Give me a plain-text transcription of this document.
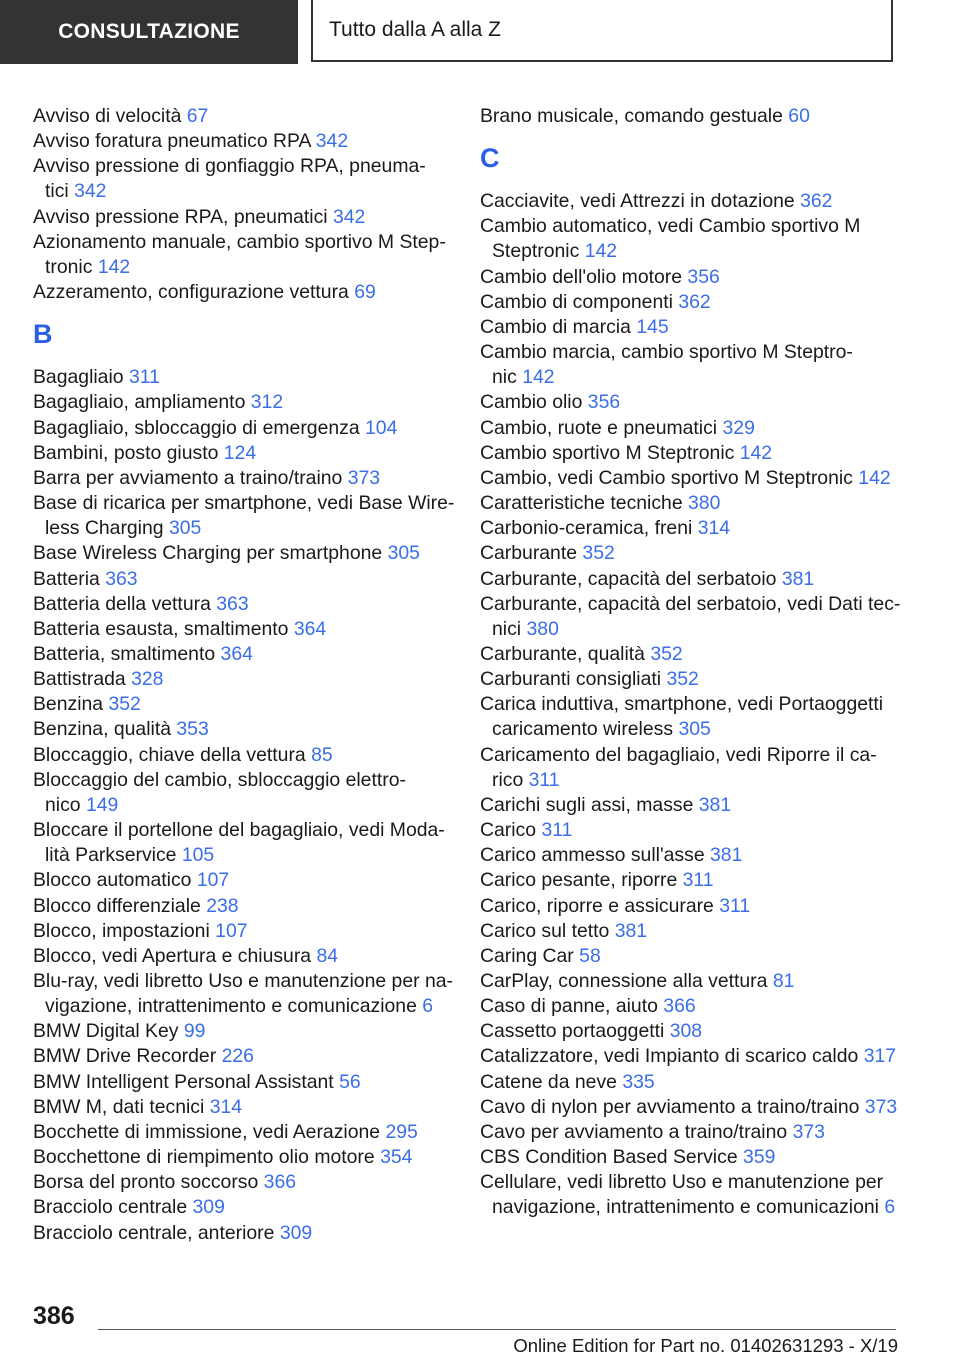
CONSULTAZIONE	Tutto dalla A alla Z
Avviso di velocità 67
Avviso foratura pneumatico RPA 342
Avviso pressione di gonfiaggio RPA, pneuma-
tici 342
Avviso pressione RPA, pneumatici 342
Azionamento manuale, cambio sportivo M Step-
tronic 142
Azzeramento, configurazione vettura 69
B
Bagagliaio 311
Bagagliaio, ampliamento 312
Bagagliaio, sbloccaggio di emergenza 104
Bambini, posto giusto 124
Barra per avviamento a traino/traino 373
Base di ricarica per smartphone, vedi Base Wire-
less Charging 305
Base Wireless Charging per smartphone 305
Batteria 363
Batteria della vettura 363
Batteria esausta, smaltimento 364
Batteria, smaltimento 364
Battistrada 328
Benzina 352
Benzina, qualità 353
Bloccaggio, chiave della vettura 85
Bloccaggio del cambio, sbloccaggio elettro-
nico 149
Bloccare il portellone del bagagliaio, vedi Moda-
lità Parkservice 105
Blocco automatico 107
Blocco differenziale 238
Blocco, impostazioni 107
Blocco, vedi Apertura e chiusura 84
Blu-ray, vedi libretto Uso e manutenzione per na-
vigazione, intrattenimento e comunicazione 6
BMW Digital Key 99
BMW Drive Recorder 226
BMW Intelligent Personal Assistant 56
BMW M, dati tecnici 314
Bocchette di immissione, vedi Aerazione 295
Bocchettone di riempimento olio motore 354
Borsa del pronto soccorso 366
Bracciolo centrale 309
Bracciolo centrale, anteriore 309
Brano musicale, comando gestuale 60
C
Cacciavite, vedi Attrezzi in dotazione 362
Cambio automatico, vedi Cambio sportivo M
Steptronic 142
Cambio dell'olio motore 356
Cambio di componenti 362
Cambio di marcia 145
Cambio marcia, cambio sportivo M Steptro-
nic 142
Cambio olio 356
Cambio, ruote e pneumatici 329
Cambio sportivo M Steptronic 142
Cambio, vedi Cambio sportivo M Steptronic 142
Caratteristiche tecniche 380
Carbonio-ceramica, freni 314
Carburante 352
Carburante, capacità del serbatoio 381
Carburante, capacità del serbatoio, vedi Dati tec-
nici 380
Carburante, qualità 352
Carburanti consigliati 352
Carica induttiva, smartphone, vedi Portaoggetti
caricamento wireless 305
Caricamento del bagagliaio, vedi Riporre il ca-
rico 311
Carichi sugli assi, masse 381
Carico 311
Carico ammesso sull'asse 381
Carico pesante, riporre 311
Carico, riporre e assicurare 311
Carico sul tetto 381
Caring Car 58
CarPlay, connessione alla vettura 81
Caso di panne, aiuto 366
Cassetto portaoggetti 308
Catalizzatore, vedi Impianto di scarico caldo 317
Catene da neve 335
Cavo di nylon per avviamento a traino/traino 373
Cavo per avviamento a traino/traino 373
CBS Condition Based Service 359
Cellulare, vedi libretto Uso e manutenzione per
navigazione, intrattenimento e comunicazioni 6
386
Online Edition for Part no. 01402631293 - X/19
